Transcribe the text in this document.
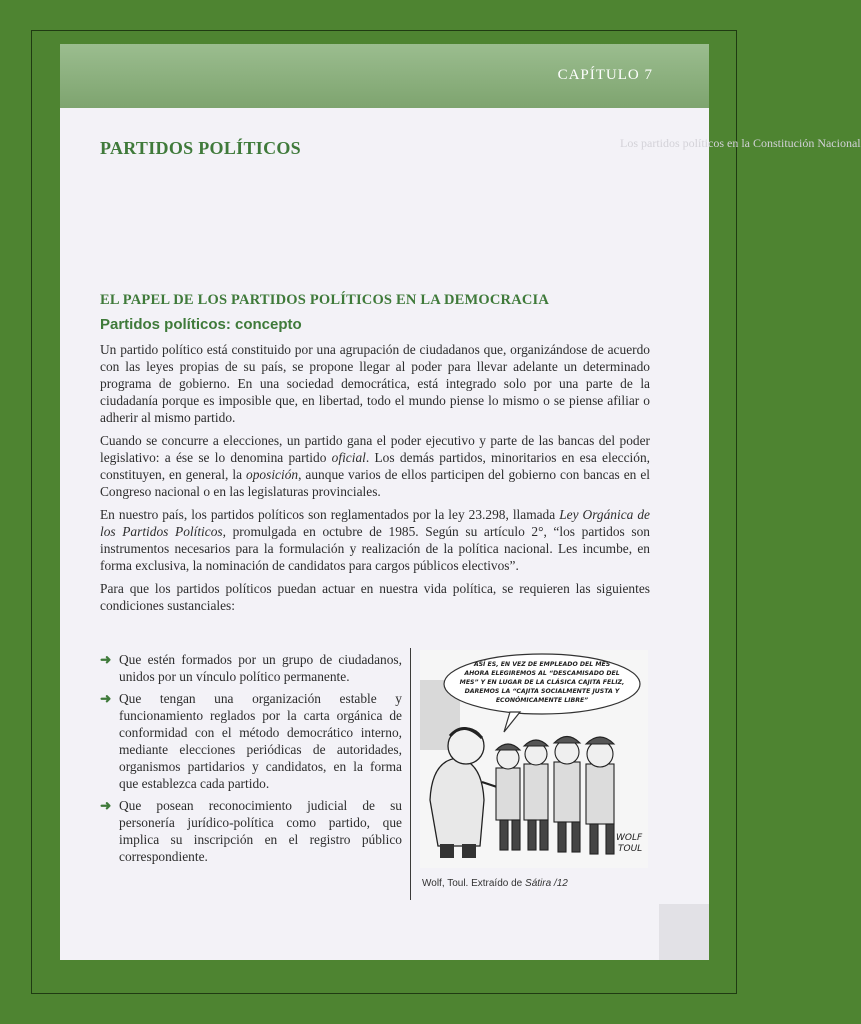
CAPÍTULO 7
Los partidos políticos en la Constitución Nacional
PARTIDOS POLÍTICOS
EL PAPEL DE LOS PARTIDOS POLÍTICOS EN LA DEMOCRACIA
Partidos políticos: concepto

Un partido político está constituido por una agrupación de ciudadanos que, organizándose de acuerdo con las leyes propias de su país, se propone llegar al poder para llevar adelante un determinado programa de gobierno. En una sociedad democrática, está integrado solo por una parte de la ciudadanía porque es imposible que, en libertad, todo el mundo piense lo mismo o se piense afiliar o adherir al mismo partido.

Cuando se concurre a elecciones, un partido gana el poder ejecutivo y parte de las bancas del poder legislativo: a ése se lo denomina partido oficial. Los demás partidos, minoritarios en esa elección, constituyen, en general, la oposición, aunque varios de ellos participen del gobierno con bancas en el Congreso nacional o en las legislaturas provinciales.

En nuestro país, los partidos políticos son reglamentados por la ley 23.298, llamada Ley Orgánica de los Partidos Políticos, promulgada en octubre de 1985. Según su artículo 2°, “los partidos son instrumentos necesarios para la formulación y realización de la política nacional. Les incumbe, en forma exclusiva, la nominación de candidatos para cargos públicos electivos”.

Para que los partidos políticos puedan actuar en nuestra vida política, se requieren las siguientes condiciones sustanciales:

➜ Que estén formados por un grupo de ciudadanos, unidos por un vínculo político permanente.
➜ Que tengan una organización estable y funcionamiento reglados por la carta orgánica de conformidad con el método democrático interno, mediante elecciones periódicas de autoridades, organismos partidarios y candidatos, en la forma que establezca cada partido.
➜ Que posean reconocimiento judicial de su personería jurídico-política como partido, que implica su inscripción en el registro público correspondiente.
ASÍ ES, EN VEZ DE EMPLEADO DEL MES
AHORA ELEGIREMOS AL “DESCAMISADO DEL
MES” Y EN LUGAR DE LA CLÁSICA CAJITA FELIZ,
DAREMOS LA “CAJITA SOCIALMENTE JUSTA Y
ECONÓMICAMENTE LIBRE”
WOLF
TOUL
Wolf, Toul. Extraído de Sátira /12
